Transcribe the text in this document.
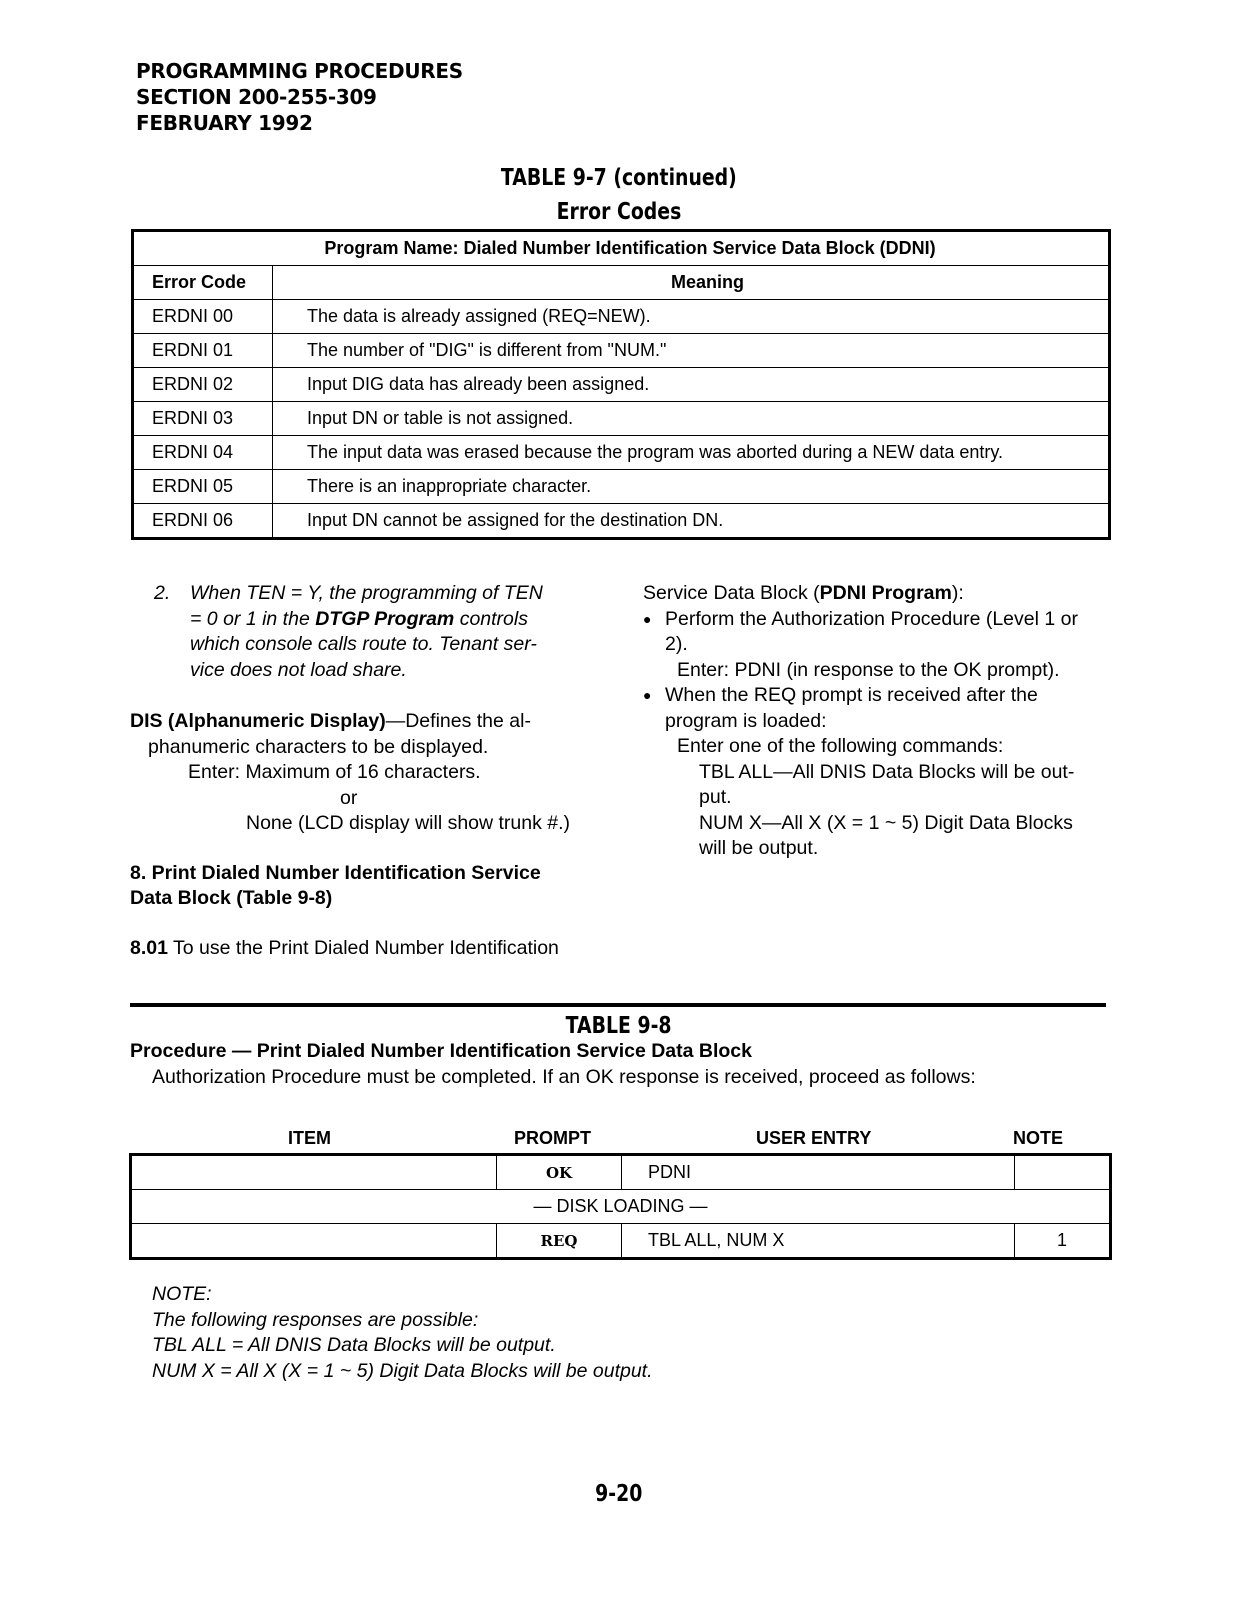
PROGRAMMING PROCEDURES
SECTION 200-255-309
FEBRUARY 1992
TABLE 9-7 (continued)
Error Codes
Program Name: Dialed Number Identification Service Data Block (DDNI)	
Error Code	Meaning
ERDNI 00	The data is already assigned (REQ=NEW).
ERDNI 01	The number of "DIG" is different from "NUM."
ERDNI 02	Input DIG data has already been assigned.
ERDNI 03	Input DN or table is not assigned.
ERDNI 04	The input data was erased because the program was aborted during a NEW data entry.
ERDNI 05	There is an inappropriate character.
ERDNI 06	Input DN cannot be assigned for the destination DN.
2. When TEN = Y, the programming of TEN
= 0 or 1 in the DTGP Program controls
which console calls route to. Tenant ser-
vice does not load share.
DIS (Alphanumeric Display)—Defines the al-
phanumeric characters to be displayed.
Enter: Maximum of 16 characters.
or
None (LCD display will show trunk #.)
8. Print Dialed Number Identification Service
Data Block (Table 9-8)
8.01 To use the Print Dialed Number Identification
Service Data Block (PDNI Program):
● Perform the Authorization Procedure (Level 1 or
2).
Enter: PDNI (in response to the OK prompt).
● When the REQ prompt is received after the
program is loaded:
Enter one of the following commands:
TBL ALL—All DNIS Data Blocks will be out-
put.
NUM X—All X (X = 1 ~ 5) Digit Data Blocks
will be output.
TABLE 9-8
Procedure — Print Dialed Number Identification Service Data Block
Authorization Procedure must be completed. If an OK response is received, proceed as follows:
ITEM	PROMPT	USER ENTRY	NOTE
	OK	PDNI	
— DISK LOADING —			
	REQ	TBL ALL, NUM X	1
NOTE:
The following responses are possible:
TBL ALL = All DNIS Data Blocks will be output.
NUM X = All X (X = 1 ~ 5) Digit Data Blocks will be output.
9-20
